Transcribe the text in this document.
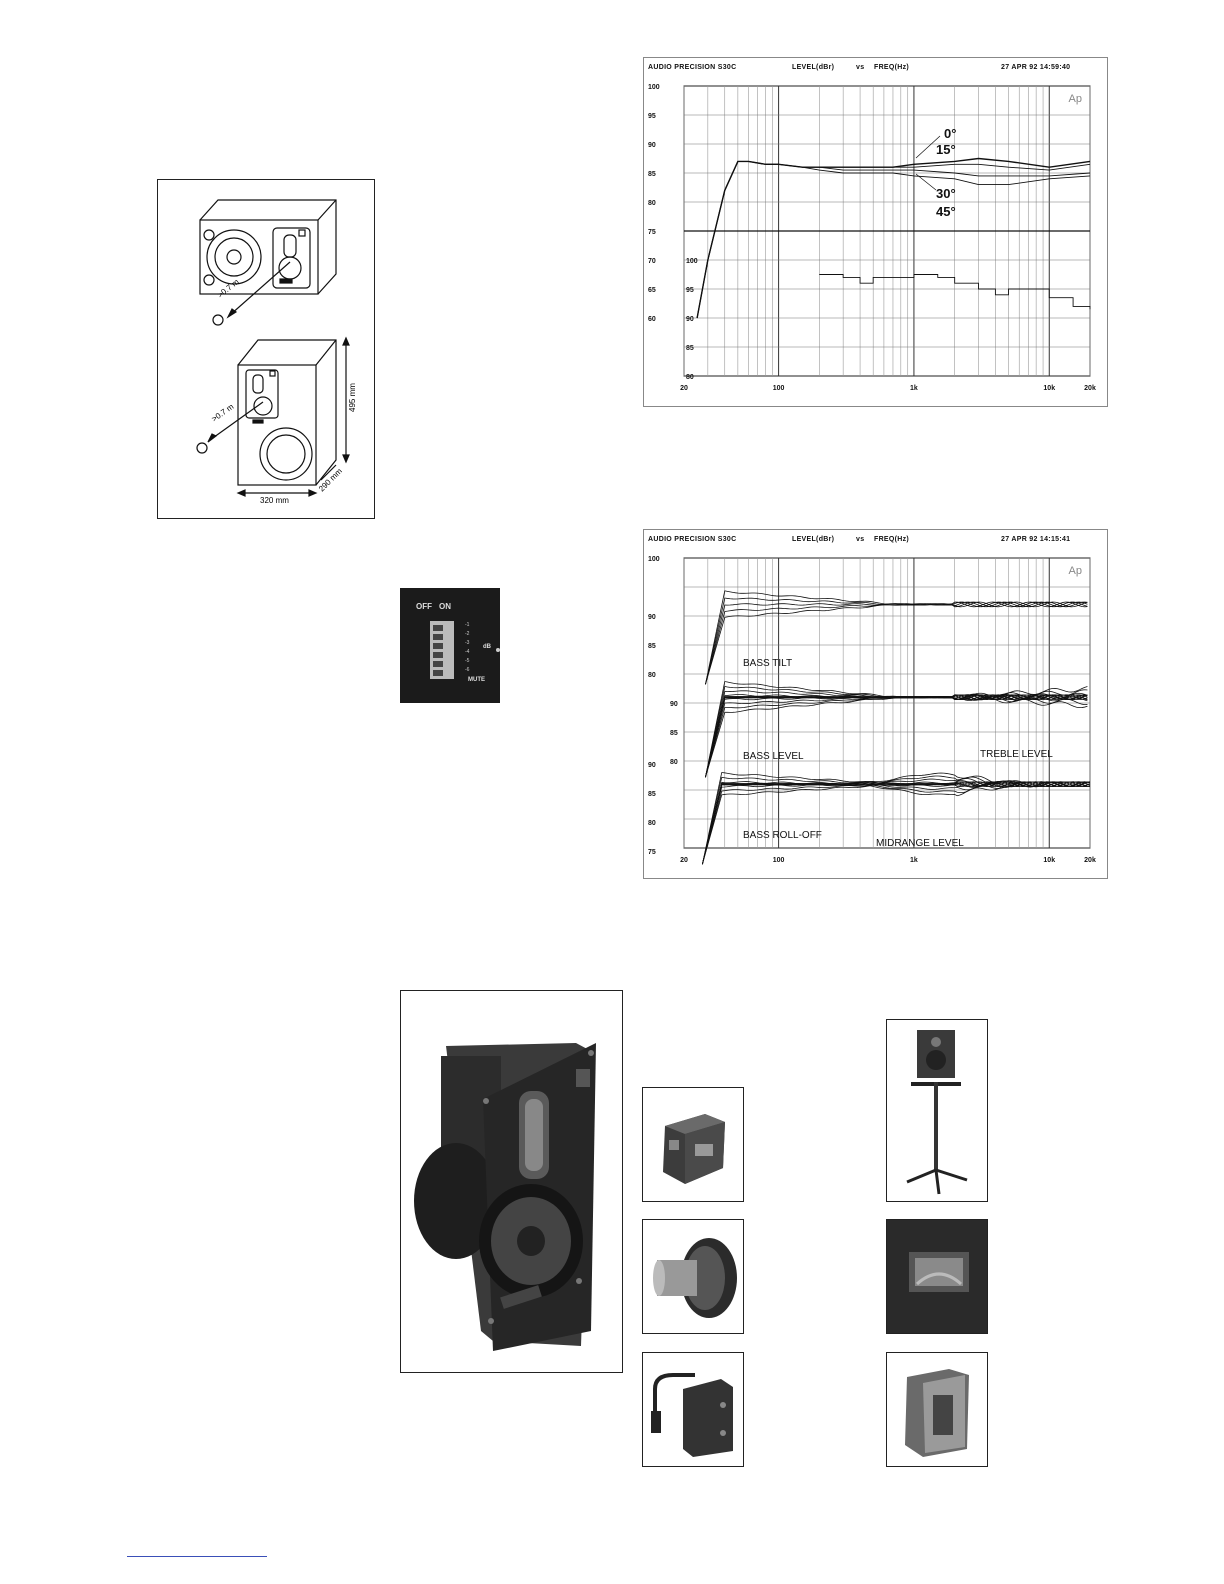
>0.7 m
>0.7 m
495 mm
290 mm
320 mm
OFF ON
-1
-2
-3
-4
-5
-6
dB
MUTE
AUDIO PRECISION S30C	LEVEL(dBr)	vs FREQ(Hz)	27 APR 92 14:59:40
100
95
90
85
80
75
70
65
60
100
95
90
85
80
20	100	1k	10k	20k
Ap
0°
15°
30°
45°
AUDIO PRECISION S30C	LEVEL(dBr)	vs FREQ(Hz)	27 APR 92 14:15:41
100
90
85
80
90
85
80
90
85
80
75
BASS TILT
BASS LEVEL	TREBLE LEVEL
BASS ROLL-OFF
MIDRANGE LEVEL
20	100	1k	10k	20k
Ap
